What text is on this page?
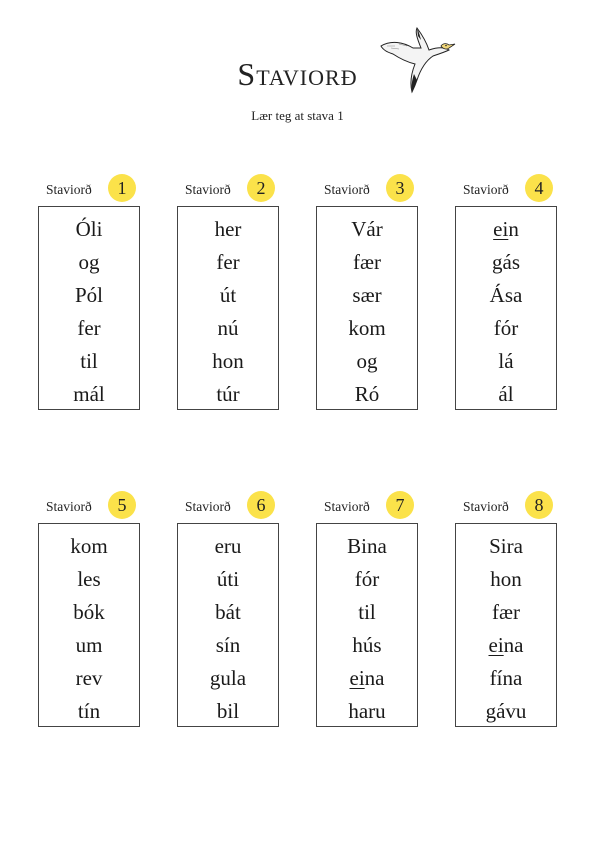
Staviorð
Lær teg at stava 1
Staviorð	1
Óli
og
Pól
fer
til
mál
Staviorð	2
her
fer
út
nú
hon
túr
Staviorð	3
Vár
fær
sær
kom
og
Ró
Staviorð	4
ein
gás
Ása
fór
lá
ál
Staviorð	5
kom
les
bók
um
rev
tín
Staviorð	6
eru
úti
bát
sín
gula
bil
Staviorð	7
Bina
fór
til
hús
eina
haru
Staviorð	8
Sira
hon
fær
eina
fína
gávu
